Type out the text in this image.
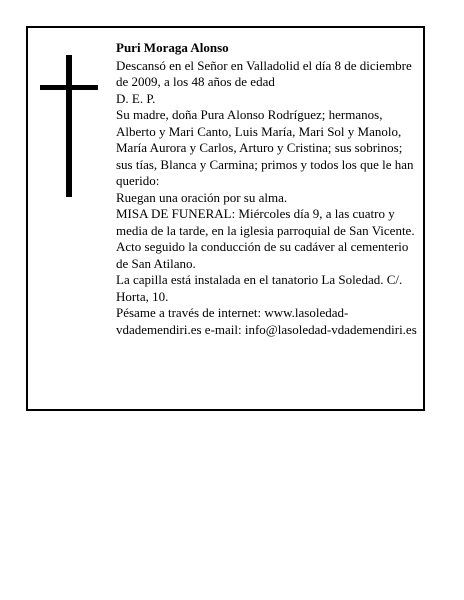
Puri Moraga Alonso

Descansó en el Señor en Valladolid el día 8 de diciembre de 2009, a los 48 años de edad

D. E. P.

Su madre, doña Pura Alonso Rodríguez; hermanos, Alberto y Mari Canto, Luis María, Mari Sol y Manolo, María Aurora y Carlos, Arturo y Cristina; sus sobrinos; sus tías, Blanca y Carmina; primos y todos los que le han querido:

Ruegan una oración por su alma.

MISA DE FUNERAL: Miércoles día 9, a las cuatro y media de la tarde, en la iglesia parroquial de San Vicente. Acto seguido la conducción de su cadáver al cementerio de San Atilano.

La capilla está instalada en el tanatorio La Soledad. C/. Horta, 10.

Pésame a través de internet: www.lasoledad-vdademendiri.es e-mail: info@lasoledad-vdademendiri.es
